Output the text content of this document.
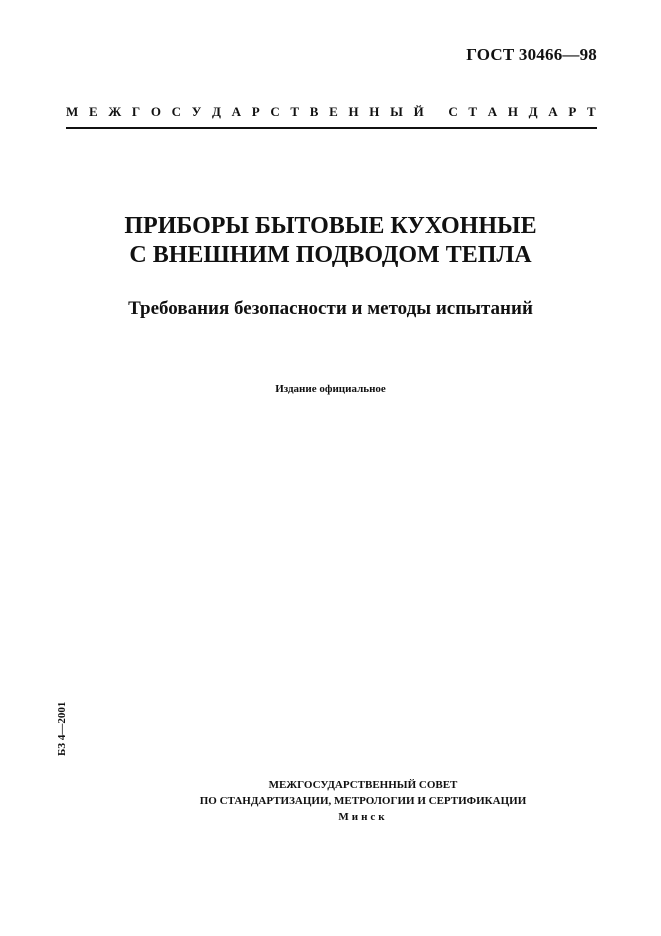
ГОСТ 30466—98
М Е Ж Г О С У Д А Р С Т В Е Н Н Ы Й
С Т А Н Д А Р Т
ПРИБОРЫ БЫТОВЫЕ КУХОННЫЕ
С ВНЕШНИМ ПОДВОДОМ ТЕПЛА
Требования безопасности и методы испытаний
Издание официальное
БЗ 4—2001
МЕЖГОСУДАРСТВЕННЫЙ СОВЕТ
ПО СТАНДАРТИЗАЦИИ, МЕТРОЛОГИИ И СЕРТИФИКАЦИИ
Минск
